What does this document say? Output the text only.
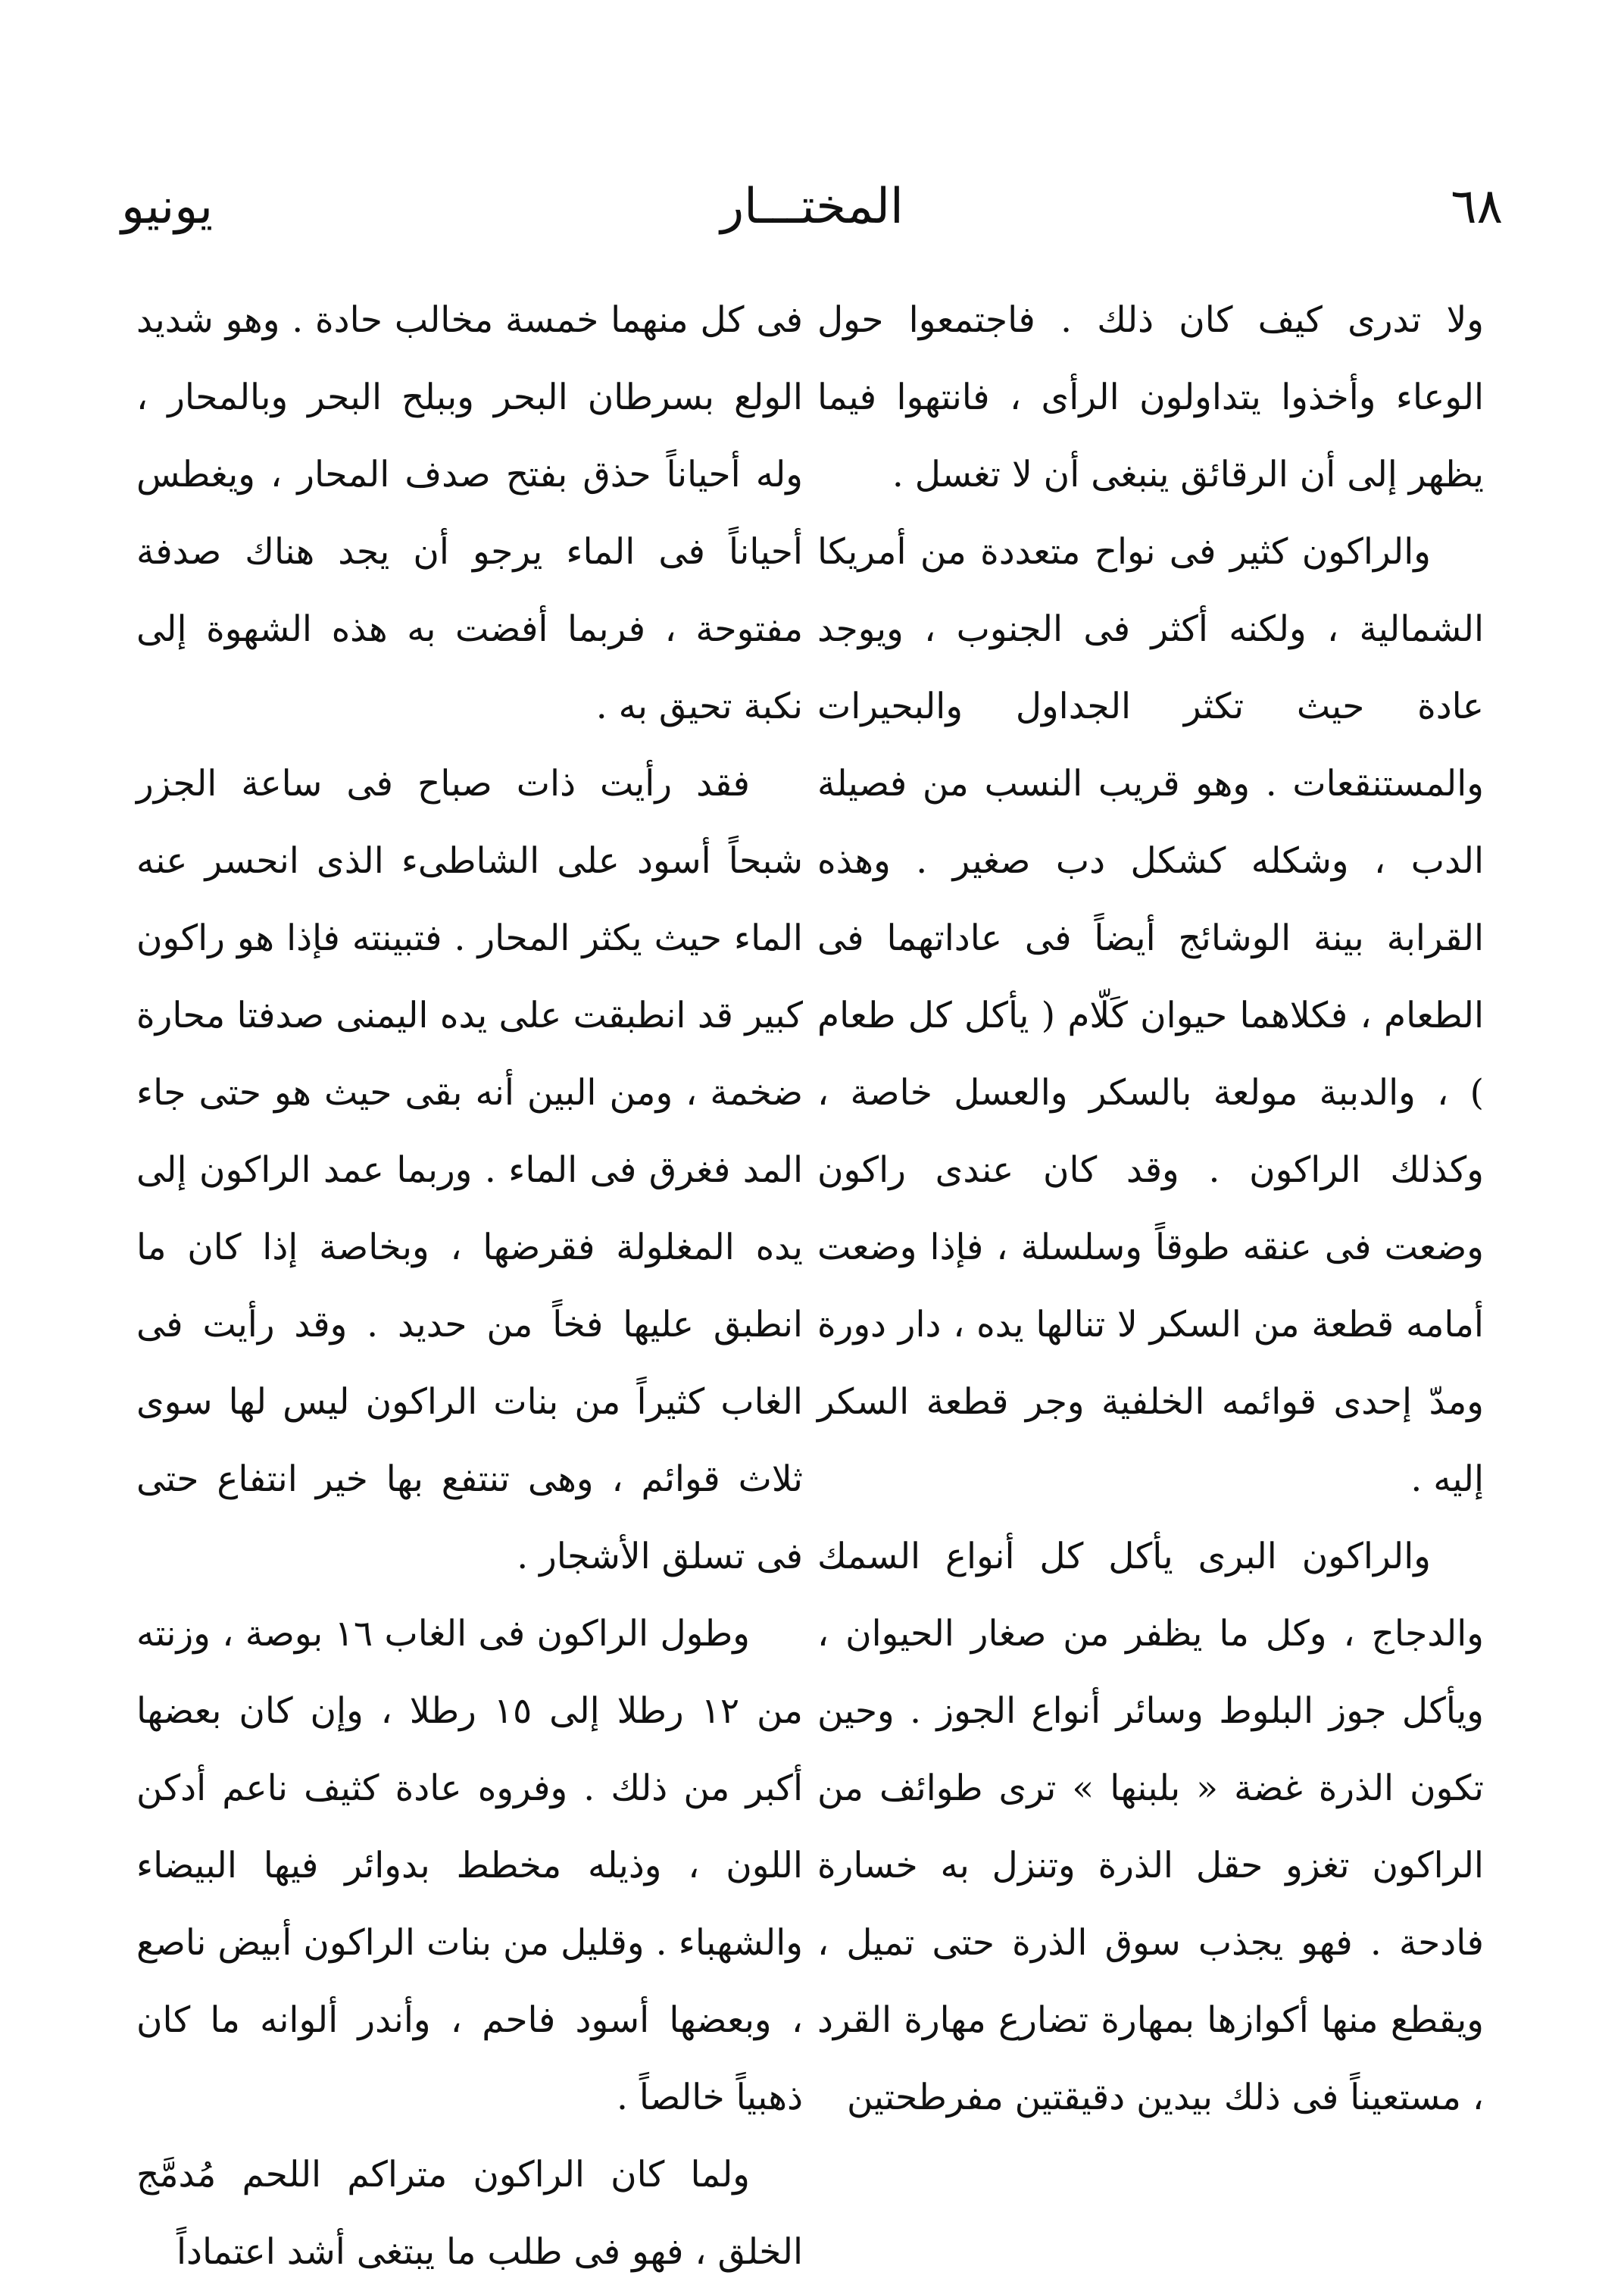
٦٨
المختـــار
يونيو

ولا تدرى كيف كان ذلك . فاجتمعوا حول الوعاء وأخذوا يتداولون الرأى ، فانتهوا فيما يظهر إلى أن الرقائق ينبغى أن لا تغسل .

والراكون كثير فى نواح متعددة من أمريكا الشمالية ، ولكنه أكثر فى الجنوب ، ويوجد عادة حيث تكثر الجداول والبحيرات والمستنقعات . وهو قريب النسب من فصيلة الدب ، وشكله كشكل دب صغير . وهذه القرابة بينة الوشائج أيضاً فى عاداتهما فى الطعام ، فكلاهما حيوان كَلّام ( يأكل كل طعام ) ، والدببة مولعة بالسكر والعسل خاصة ، وكذلك الراكون . وقد كان عندى راكون وضعت فى عنقه طوقاً وسلسلة ، فإذا وضعت أمامه قطعة من السكر لا تنالها يده ، دار دورة ومدّ إحدى قوائمه الخلفية وجر قطعة السكر إليه .

والراكون البرى يأكل كل أنواع السمك والدجاج ، وكل ما يظفر من صغار الحيوان ، ويأكل جوز البلوط وسائر أنواع الجوز . وحين تكون الذرة غضة « بلبنها » ترى طوائف من الراكون تغزو حقل الذرة وتنزل به خسارة فادحة . فهو يجذب سوق الذرة حتى تميل ، ويقطع منها أكوازها بمهارة تضارع مهارة القرد ، مستعيناً فى ذلك بيدين دقيقتين مفرطحتين

فى كل منهما خمسة مخالب حادة . وهو شديد الولع بسرطان البحر وببلح البحر وبالمحار ، وله أحياناً حذق بفتح صدف المحار ، ويغطس أحياناً فى الماء يرجو أن يجد هناك صدفة مفتوحة ، فربما أفضت به هذه الشهوة إلى نكبة تحيق به .

فقد رأيت ذات صباح فى ساعة الجزر شبحاً أسود على الشاطىء الذى انحسر عنه الماء حيث يكثر المحار . فتبينته فإذا هو راكون كبير قد انطبقت على يده اليمنى صدفتا محارة ضخمة ، ومن البين أنه بقى حيث هو حتى جاء المد فغرق فى الماء . وربما عمد الراكون إلى يده المغلولة فقرضها ، وبخاصة إذا كان ما انطبق عليها فخاً من حديد . وقد رأيت فى الغاب كثيراً من بنات الراكون ليس لها سوى ثلاث قوائم ، وهى تنتفع بها خير انتفاع حتى فى تسلق الأشجار .

وطول الراكون فى الغاب ١٦ بوصة ، وزنته من ١٢ رطلا إلى ١٥ رطلا ، وإن كان بعضها أكبر من ذلك . وفروه عادة كثيف ناعم أدكن اللون ، وذيله مخطط بدوائر فيها البيضاء والشهباء . وقليل من بنات الراكون أبيض ناصع ، وبعضها أسود فاحم ، وأندر ألوانه ما كان ذهبياً خالصاً .

ولما كان الراكون متراكم اللحم مُدمَّج الخلق ، فهو فى طلب ما يبتغى أشد اعتماداً
